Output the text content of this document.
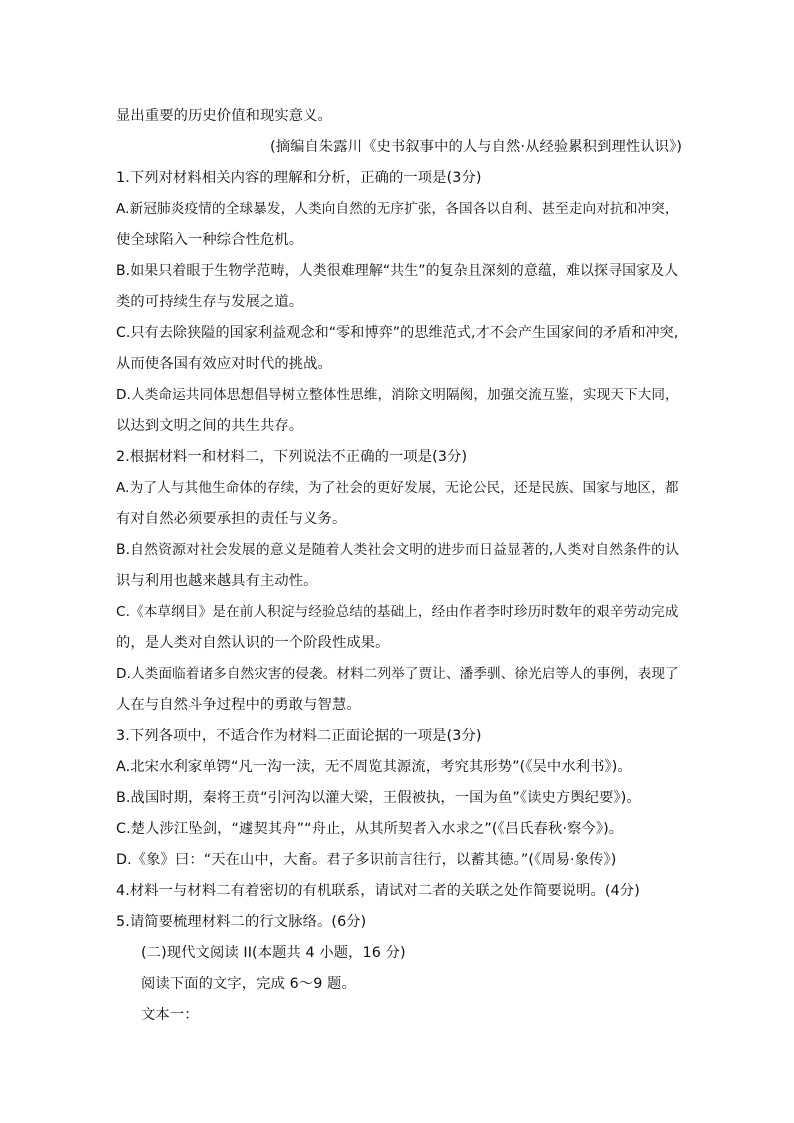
显出重要的历史价值和现实意义。
(摘编自朱露川《史书叙事中的人与自然·从经验累积到理性认识》)
1.下列对材料相关内容的理解和分析，正确的一项是(3分)
A.新冠肺炎疫情的全球暴发，人类向自然的无序扩张，各国各以自利、甚至走向对抗和冲突，
使全球陷入一种综合性危机。
B.如果只着眼于生物学范畴，人类很难理解“共生”的复杂且深刻的意蕴，难以探寻国家及人
类的可持续生存与发展之道。
C.只有去除狭隘的国家利益观念和“零和博弈”的思维范式,才不会产生国家间的矛盾和冲突,
从而使各国有效应对时代的挑战。
D.人类命运共同体思想倡导树立整体性思维，消除文明隔阂，加强交流互鉴，实现天下大同，
以达到文明之间的共生共存。
2.根据材料一和材料二，下列说法不正确的一项是(3分)
A.为了人与其他生命体的存续，为了社会的更好发展，无论公民，还是民族、国家与地区，都
有对自然必须要承担的责任与义务。
B.自然资源对社会发展的意义是随着人类社会文明的进步而日益显著的,人类对自然条件的认
识与利用也越来越具有主动性。
C.《本草纲目》是在前人积淀与经验总结的基础上，经由作者李时珍历时数年的艰辛劳动完成
的，是人类对自然认识的一个阶段性成果。
D.人类面临着诸多自然灾害的侵袭。材料二列举了贾让、潘季驯、徐光启等人的事例，表现了
人在与自然斗争过程中的勇敢与智慧。
3.下列各项中，不适合作为材料二正面论据的一项是(3分)
A.北宋水利家单锷“凡一沟一渎，无不周览其源流，考究其形势”(《吴中水利书》)。
B.战国时期，秦将王贲“引河沟以灌大梁，王假被执，一国为鱼”《读史方舆纪要》)。
C.楚人涉江坠剑，“遽契其舟”“舟止，从其所契者入水求之”(《吕氏春秋·察今》)。
D.《象》曰：“天在山中，大畜。君子多识前言往行，以蓄其德。”(《周易·象传》)
4.材料一与材料二有着密切的有机联系，请试对二者的关联之处作简要说明。(4分)
5.请简要梳理材料二的行文脉络。(6分)
(二)现代文阅读 II(本题共 4 小题，16 分)
阅读下面的文字，完成 6～9 题。
文本一：
